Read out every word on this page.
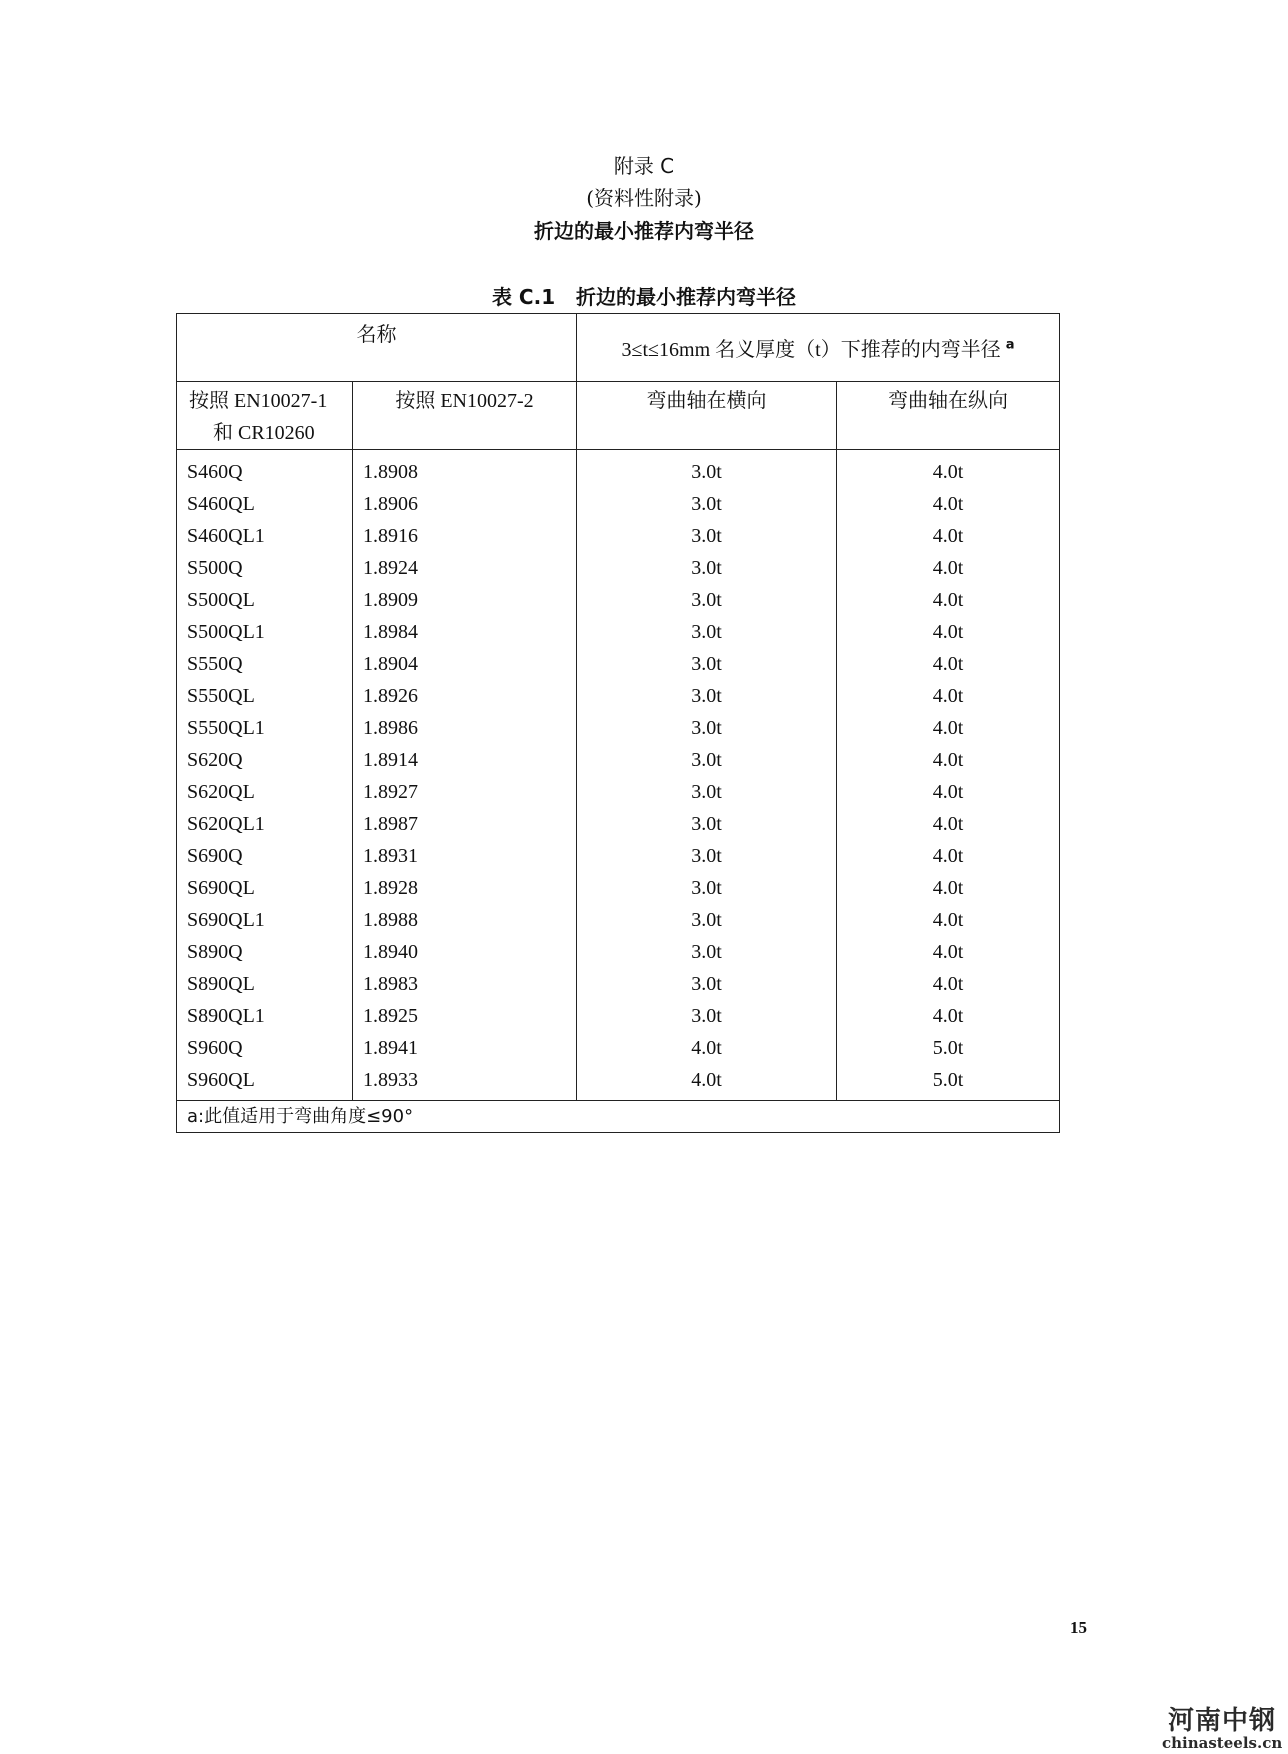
附录 C
(资料性附录)
折边的最小推荐内弯半径
表 C.1   折边的最小推荐内弯半径
名称		3≤t≤16mm 名义厚度（t）下推荐的内弯半径 $^a$

按照 EN10027-1
和 CR10260	按照 EN10027-2	弯曲轴在横向	弯曲轴在纵向
S460Q	1.8908	3.0t	4.0t
S460QL	1.8906	3.0t	4.0t
S460QL1	1.8916	3.0t	4.0t
S500Q	1.8924	3.0t	4.0t
S500QL	1.8909	3.0t	4.0t
S500QL1	1.8984	3.0t	4.0t
S550Q	1.8904	3.0t	4.0t
S550QL	1.8926	3.0t	4.0t
S550QL1	1.8986	3.0t	4.0t
S620Q	1.8914	3.0t	4.0t
S620QL	1.8927	3.0t	4.0t
S620QL1	1.8987	3.0t	4.0t
S690Q	1.8931	3.0t	4.0t
S690QL	1.8928	3.0t	4.0t
S690QL1	1.8988	3.0t	4.0t
S890Q	1.8940	3.0t	4.0t
S890QL	1.8983	3.0t	4.0t
S890QL1	1.8925	3.0t	4.0t
S960Q	1.8941	4.0t	5.0t
S960QL	1.8933	4.0t	5.0t
a:此值适用于弯曲角度≤90°			
15
河南中钢
chinasteels.cn
